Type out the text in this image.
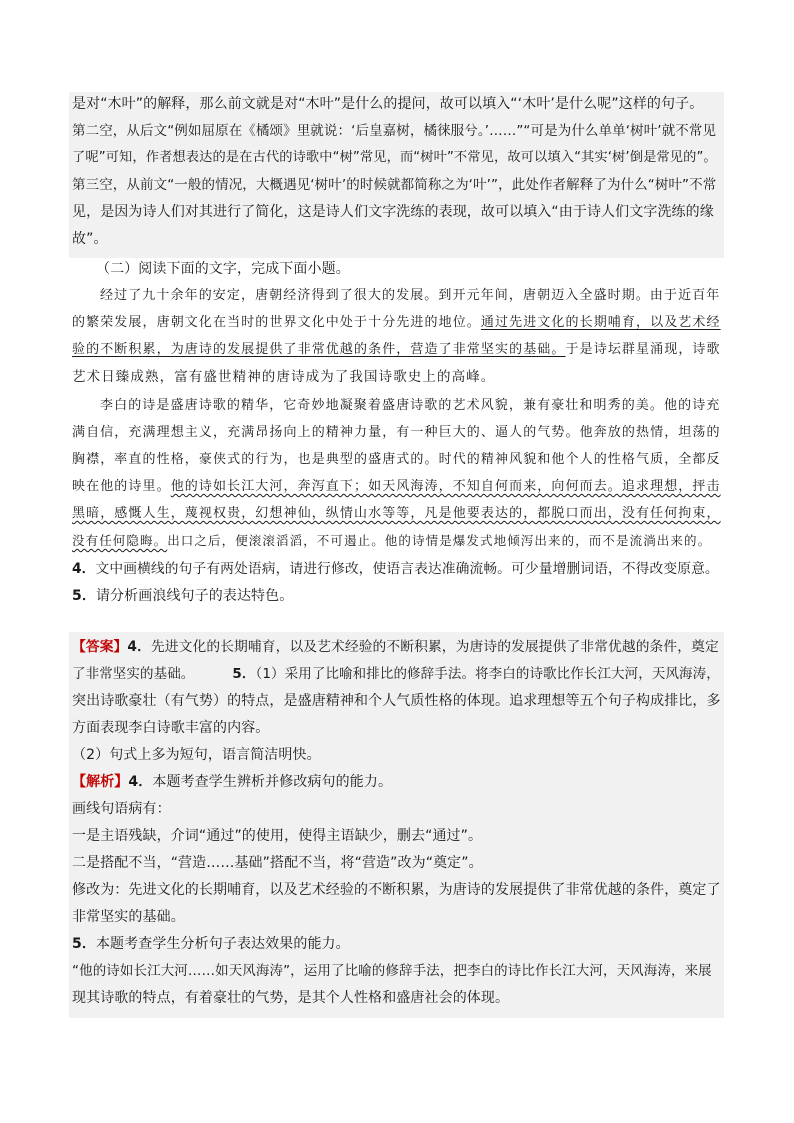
是对“木叶”的解释，那么前文就是对“木叶”是什么的提问，故可以填入“‘木叶’是什么呢”这样的句子。
第二空，从后文“例如屈原在《橘颂》里就说：‘后皇嘉树，橘徕服兮。’……”“可是为什么单单‘树叶’就不常见
了呢”可知，作者想表达的是在古代的诗歌中“树”常见，而“树叶”不常见，故可以填入“其实‘树’倒是常见的”。
第三空，从前文“一般的情况，大概遇见‘树叶’的时候就都简称之为‘叶’”，此处作者解释了为什么“树叶”不常
见，是因为诗人们对其进行了简化，这是诗人们文字洗练的表现，故可以填入“由于诗人们文字洗练的缘
故”。
（二）阅读下面的文字，完成下面小题。
经过了九十余年的安定，唐朝经济得到了很大的发展。到开元年间，唐朝迈入全盛时期。由于近百年
的繁荣发展，唐朝文化在当时的世界文化中处于十分先进的地位。通过先进文化的长期哺育，以及艺术经
验的不断积累，为唐诗的发展提供了非常优越的条件，营造了非常坚实的基础。于是诗坛群星涌现，诗歌
艺术日臻成熟，富有盛世精神的唐诗成为了我国诗歌史上的高峰。
李白的诗是盛唐诗歌的精华，它奇妙地凝聚着盛唐诗歌的艺术风貌，兼有豪壮和明秀的美。他的诗充
满自信，充满理想主义，充满昂扬向上的精神力量，有一种巨大的、逼人的气势。他奔放的热情，坦荡的
胸襟，率直的性格，豪侠式的行为，也是典型的盛唐式的。时代的精神风貌和他个人的性格气质，全都反
映在他的诗里。他的诗如长江大河，奔泻直下；如天风海涛，不知自何而来，向何而去。追求理想，抨击
黑暗，感慨人生，蔑视权贵，幻想神仙，纵情山水等等，凡是他要表达的，都脱口而出，没有任何拘束，
没有任何隐晦。出口之后，便滚滚滔滔，不可遏止。他的诗情是爆发式地倾泻出来的，而不是流淌出来的。
4．文中画横线的句子有两处语病，请进行修改，使语言表达准确流畅。可少量增删词语，不得改变原意。
5．请分析画浪线句子的表达特色。
【答案】4．先进文化的长期哺育，以及艺术经验的不断积累，为唐诗的发展提供了非常优越的条件，奠定
了非常坚实的基础。	5．（1）采用了比喻和排比的修辞手法。将李白的诗歌比作长江大河，天风海涛，
突出诗歌豪壮（有气势）的特点，是盛唐精神和个人气质性格的体现。追求理想等五个句子构成排比，多
方面表现李白诗歌丰富的内容。
（2）句式上多为短句，语言简洁明快。
【解析】4．本题考查学生辨析并修改病句的能力。
画线句语病有：
一是主语残缺，介词“通过”的使用，使得主语缺少，删去“通过”。
二是搭配不当，“营造……基础”搭配不当，将“营造”改为“奠定”。
修改为：先进文化的长期哺育，以及艺术经验的不断积累，为唐诗的发展提供了非常优越的条件，奠定了
非常坚实的基础。
5．本题考查学生分析句子表达效果的能力。
“他的诗如长江大河……如天风海涛”，运用了比喻的修辞手法，把李白的诗比作长江大河，天风海涛，来展
现其诗歌的特点，有着豪壮的气势，是其个人性格和盛唐社会的体现。
